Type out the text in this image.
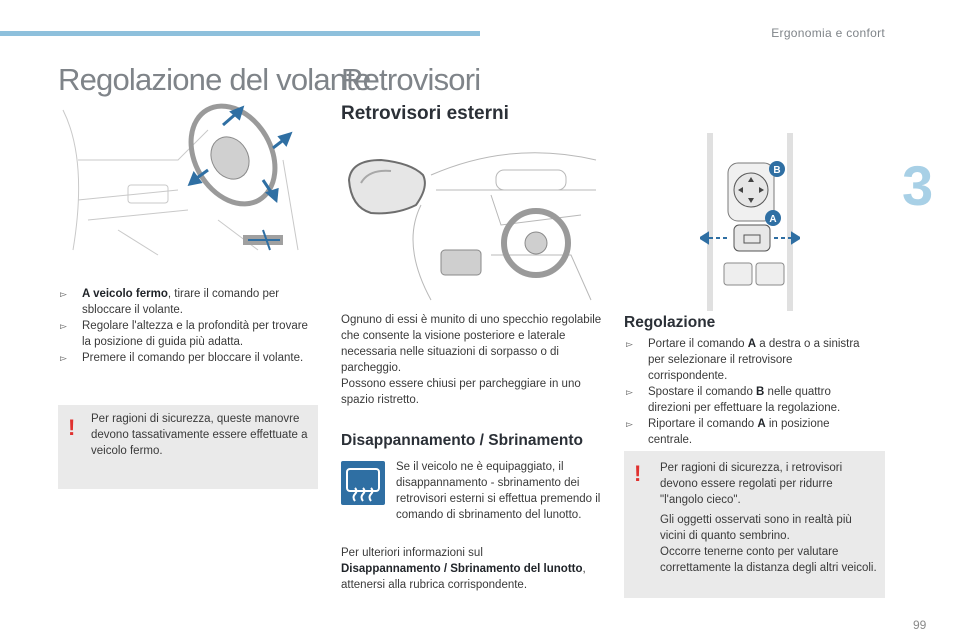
Ergonomia e confort
3
99
Regolazione del volante
▻ A veicolo fermo, tirare il comando per sbloccare il volante.
▻ Regolare l'altezza e la profondità per trovare la posizione di guida più adatta.
▻ Premere il comando per bloccare il volante.
! Per ragioni di sicurezza, queste manovre devono tassativamente essere effettuate a veicolo fermo.
Retrovisori
Retrovisori esterni
Ognuno di essi è munito di uno specchio regolabile che consente la visione posteriore e laterale necessaria nelle situazioni di sorpasso o di parcheggio.
Possono essere chiusi per parcheggiare in uno spazio ristretto.
Disappannamento / Sbrinamento
Se il veicolo ne è equipaggiato, il disappannamento - sbrinamento dei retrovisori esterni si effettua premendo il comando di sbrinamento del lunotto.
Per ulteriori informazioni sul
Disappannamento / Sbrinamento del lunotto, attenersi alla rubrica corrispondente.
B
A
Regolazione
▻ Portare il comando A a destra o a sinistra per selezionare il retrovisore corrispondente.
▻ Spostare il comando B nelle quattro direzioni per effettuare la regolazione.
▻ Riportare il comando A in posizione centrale.
! Per ragioni di sicurezza, i retrovisori devono essere regolati per ridurre "l'angolo cieco".
Gli oggetti osservati sono in realtà più vicini di quanto sembrino.
Occorre tenerne conto per valutare correttamente la distanza degli altri veicoli.
